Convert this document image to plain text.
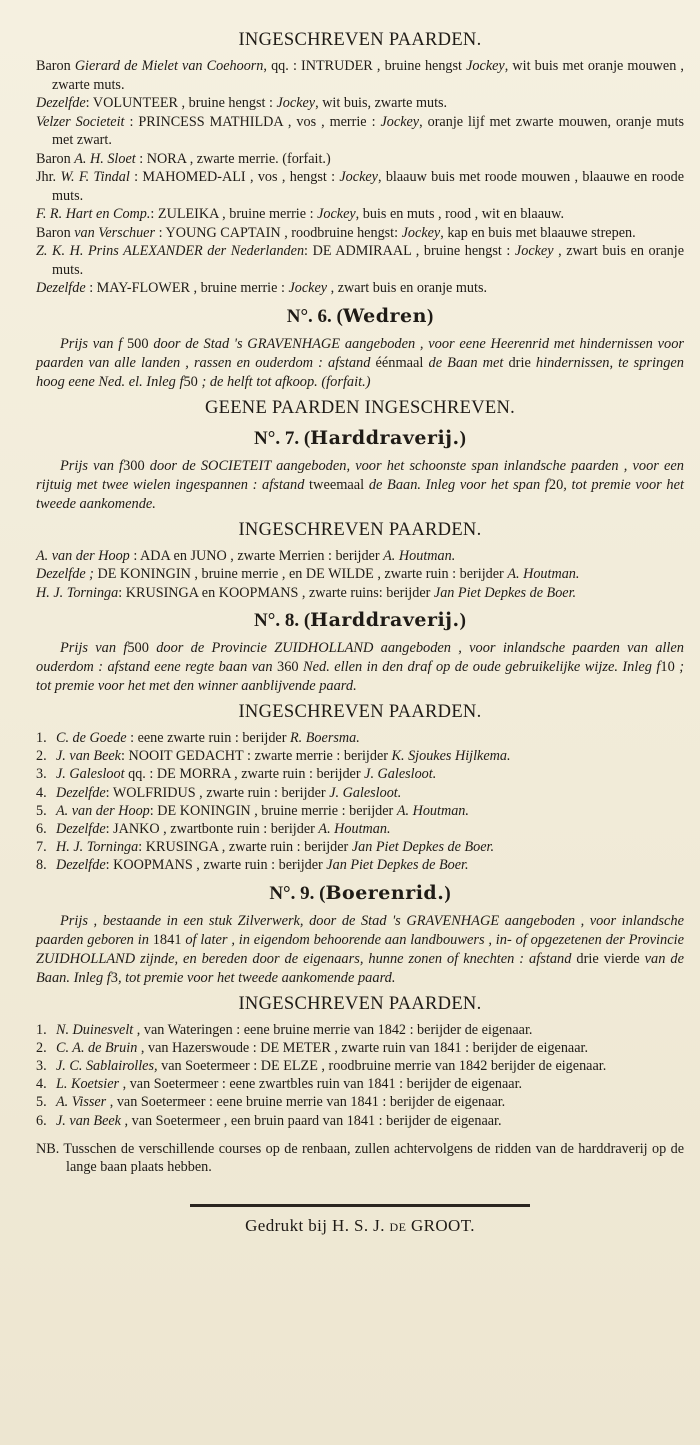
INGESCHREVEN PAARDEN.
Baron Gierard de Mielet van Coehoorn, qq. : INTRUDER , bruine hengst Jockey, wit buis met oranje mouwen , zwarte muts.
Dezelfde: VOLUNTEER , bruine hengst : Jockey, wit buis, zwarte muts.
Velzer Societeit : PRINCESS MATHILDA , vos , merrie : Jockey, oranje lijf met zwarte mouwen, oranje muts met zwart.
Baron A. H. Sloet : NORA , zwarte merrie. (forfait.)
Jhr. W. F. Tindal : MAHOMED-ALI , vos , hengst : Jockey, blaauw buis met roode mouwen , blaauwe en roode muts.
F. R. Hart en Comp.: ZULEIKA , bruine merrie : Jockey, buis en muts , rood , wit en blaauw.
Baron van Verschuer : YOUNG CAPTAIN , roodbruine hengst: Jockey, kap en buis met blaauwe strepen.
Z. K. H. Prins ALEXANDER der Nederlanden: DE ADMIRAAL , bruine hengst : Jockey , zwart buis en oranje muts.
Dezelfde : MAY-FLOWER , bruine merrie : Jockey , zwart buis en oranje muts.
N°. 6. (Wedren)
Prijs van f 500 door de Stad 's GRAVENHAGE aangeboden , voor eene Heerenrid met hindernissen voor paarden van alle landen , rassen en ouderdom : afstand éénmaal de Baan met drie hindernissen, te springen hoog eene Ned. el. Inleg f50 ; de helft tot afkoop. (forfait.)
GEENE PAARDEN INGESCHREVEN.
N°. 7. (Harddraverij.)
Prijs van f300 door de SOCIETEIT aangeboden, voor het schoonste span inlandsche paarden , voor een rijtuig met twee wielen ingespannen : afstand tweemaal de Baan. Inleg voor het span f20, tot premie voor het tweede aankomende.
INGESCHREVEN PAARDEN.
A. van der Hoop : ADA en JUNO , zwarte Merrien : berijder A. Houtman.
Dezelfde ; DE KONINGIN , bruine merrie , en DE WILDE , zwarte ruin : berijder A. Houtman.
H. J. Torninga: KRUSINGA en KOOPMANS , zwarte ruins: berijder Jan Piet Depkes de Boer.
N°. 8. (Harddraverij.)
Prijs van f500 door de Provincie ZUIDHOLLAND aangeboden , voor inlandsche paarden van allen ouderdom : afstand eene regte baan van 360 Ned. ellen in den draf op de oude gebruikelijke wijze. Inleg f10 ; tot premie voor het met den winner aanblijvende paard.
INGESCHREVEN PAARDEN.
1. C. de Goede : eene zwarte ruin : berijder R. Boersma.
2. J. van Beek: NOOIT GEDACHT : zwarte merrie : berijder K. Sjoukes Hijlkema.
3. J. Galesloot qq. : DE MORRA , zwarte ruin : berijder J. Galesloot.
4. Dezelfde: WOLFRIDUS , zwarte ruin : berijder J. Galesloot.
5. A. van der Hoop: DE KONINGIN , bruine merrie : berijder A. Houtman.
6. Dezelfde: JANKO , zwartbonte ruin : berijder A. Houtman.
7. H. J. Torninga: KRUSINGA , zwarte ruin : berijder Jan Piet Depkes de Boer.
8. Dezelfde: KOOPMANS , zwarte ruin : berijder Jan Piet Depkes de Boer.
N°. 9. (Boerenrid.)
Prijs , bestaande in een stuk Zilverwerk, door de Stad 's GRAVENHAGE aangeboden , voor inlandsche paarden geboren in 1841 of later , in eigendom behoorende aan landbouwers , in- of opgezetenen der Provincie ZUIDHOLLAND zijnde, en bereden door de eigenaars, hunne zonen of knechten : afstand drie vierde van de Baan. Inleg f3, tot premie voor het tweede aankomende paard.
INGESCHREVEN PAARDEN.
1. N. Duinesvelt , van Wateringen : eene bruine merrie van 1842 : berijder de eigenaar.
2. C. A. de Bruin , van Hazerswoude : DE METER , zwarte ruin van 1841 : berijder de eigenaar.
3. J. C. Sablairolles, van Soetermeer : DE ELZE , roodbruine merrie van 1842 berijder de eigenaar.
4. L. Koetsier , van Soetermeer : eene zwartbles ruin van 1841 : berijder de eigenaar.
5. A. Visser , van Soetermeer : eene bruine merrie van 1841 : berijder de eigenaar.
6. J. van Beek , van Soetermeer , een bruin paard van 1841 : berijder de eigenaar.
NB. Tusschen de verschillende courses op de renbaan, zullen achtervolgens de ridden van de harddraverij op de lange baan plaats hebben.
Gedrukt bij H. S. J. de GROOT.
